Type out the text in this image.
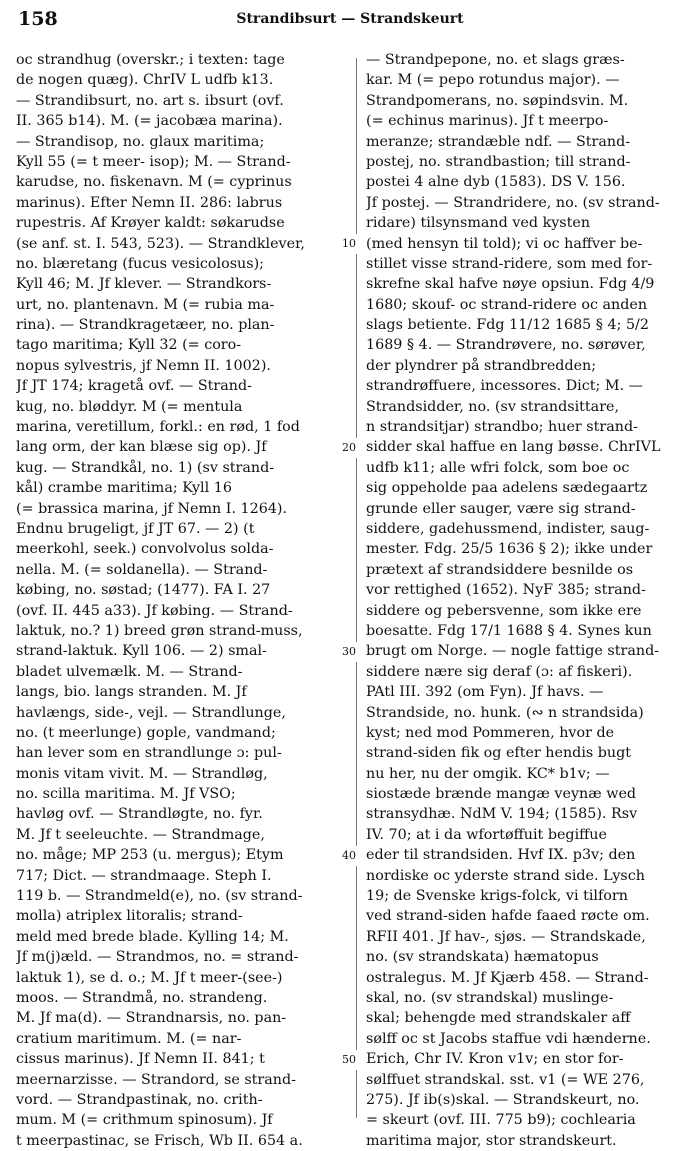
158	Strandibsurt — Strandskeurt
oc strandhug (overskr.; i texten: tage
de nogen quæg). ChrIV L udfb k13.
— Strandibsurt, no. art s. ibsurt (ovf.
II. 365 b14). M. (= jacobæa marina).
— Strandisop, no. glaux maritima;
Kyll 55 (= t meer- isop); M. — Strand-
karudse, no. fiskenavn. M (= cyprinus
marinus). Efter Nemn II. 286: labrus
rupestris. Af Krøyer kaldt: søkarudse
(se anf. st. I. 543, 523). — Strandklever,
no. blæretang (fucus vesicolosus);
Kyll 46; M. Jf klever. — Strandkors-
urt, no. plantenavn. M (= rubia ma-
rina). — Strandkragetæer, no. plan-
tago maritima; Kyll 32 (= coro-
nopus sylvestris, jf Nemn II. 1002).
Jf JT 174; kragetå ovf. — Strand-
kug, no. bløddyr. M (= mentula
marina, veretillum, forkl.: en rød, 1 fod
lang orm, der kan blæse sig op). Jf
kug. — Strandkål, no. 1) (sv strand-
kål) crambe maritima; Kyll 16
(= brassica marina, jf Nemn I. 1264).
Endnu brugeligt, jf JT 67. — 2) (t
meerkohl, seek.) convolvolus solda-
nella. M. (= soldanella). — Strand-
købing, no. søstad; (1477). FA I. 27
(ovf. II. 445 a33). Jf købing. — Strand-
laktuk, no.? 1) breed grøn strand-muss,
strand-laktuk. Kyll 106. — 2) smal-
bladet ulvemælk. M. — Strand-
langs, bio. langs stranden. M. Jf
havlængs, side-, vejl. — Strandlunge,
no. (t meerlunge) gople, vandmand;
han lever som en strandlunge ɔ: pul-
monis vitam vivit. M. — Strandløg,
no. scilla maritima. M. Jf VSO;
havløg ovf. — Strandløgte, no. fyr.
M. Jf t seeleuchte. — Strandmage,
no. måge; MP 253 (u. mergus); Etym
717; Dict. — strandmaage. Steph I.
119 b. — Strandmeld(e), no. (sv strand-
molla) atriplex litoralis; strand-
meld med brede blade. Kylling 14; M.
Jf m(j)æld. — Strandmos, no. = strand-
laktuk 1), se d. o.; M. Jf t meer-(see-)
moos. — Strandmå, no. strandeng.
M. Jf ma(d). — Strandnarsis, no. pan-
cratium maritimum. M. (= nar-
cissus marinus). Jf Nemn II. 841; t
meernarzisse. — Strandord, se strand-
vord. — Strandpastinak, no. crith-
mum. M (= crithmum spinosum). Jf
t meerpastinac, se Frisch, Wb II. 654 a.
10
20
30
40
50
— Strandpepone, no. et slags græs-
kar. M (= pepo rotundus major). —
Strandpomerans, no. søpindsvin. M.
(= echinus marinus). Jf t meerpo-
meranze; strandæble ndf. — Strand-
postej, no. strandbastion; till strand-
postei 4 alne dyb (1583). DS V. 156.
Jf postej. — Strandridere, no. (sv strand-
ridare) tilsynsmand ved kysten
(med hensyn til told); vi oc haffver be-
stillet visse strand-ridere, som med for-
skrefne skal hafve nøye opsiun. Fdg 4/9
1680; skouf- oc strand-ridere oc anden
slags betiente. Fdg 11/12 1685 § 4; 5/2
1689 § 4. — Strandrøvere, no. sørøver,
der plyndrer på strandbredden;
strandrøffuere, incessores. Dict; M. —
Strandsidder, no. (sv strandsittare,
n strandsitjar) strandbo; huer strand-
sidder skal haffue en lang bøsse. ChrIVL
udfb k11; alle wfri folck, som boe oc
sig oppeholde paa adelens sædegaartz
grunde eller sauger, være sig strand-
siddere, gadehussmend, indister, saug-
mester. Fdg. 25/5 1636 § 2); ikke under
prætext af strandsiddere besnilde os
vor rettighed (1652). NyF 385; strand-
siddere og pebersvenne, som ikke ere
boesatte. Fdg 17/1 1688 § 4. Synes kun
brugt om Norge. — nogle fattige strand-
siddere nære sig deraf (ɔ: af fiskeri).
PAtl III. 392 (om Fyn). Jf havs. —
Strandside, no. hunk. (∾ n strandsida)
kyst; ned mod Pommeren, hvor de
strand-siden fik og efter hendis bugt
nu her, nu der omgik. KC* b1v; —
siostæde brænde mangæ veynæ wed
stransydhæ. NdM V. 194; (1585). Rsv
IV. 70; at i da wfortøffuit begiffue
eder til strandsiden. Hvf IX. p3v; den
nordiske oc yderste strand side. Lysch
19; de Svenske krigs-folck, vi tilforn
ved strand-siden hafde faaed røcte om.
RFII 401. Jf hav-, sjøs. — Strandskade,
no. (sv strandskata) hæmatopus
ostralegus. M. Jf Kjærb 458. — Strand-
skal, no. (sv strandskal) muslinge-
skal; behengde med strandskaler aff
sølff oc st Jacobs staffue vdi hænderne.
Erich, Chr IV. Kron v1v; en stor for-
sølffuet strandskal. sst. v1 (= WE 276,
275). Jf ib(s)skal. — Strandskeurt, no.
= skeurt (ovf. III. 775 b9); cochlearia
maritima major, stor strandskeurt.
